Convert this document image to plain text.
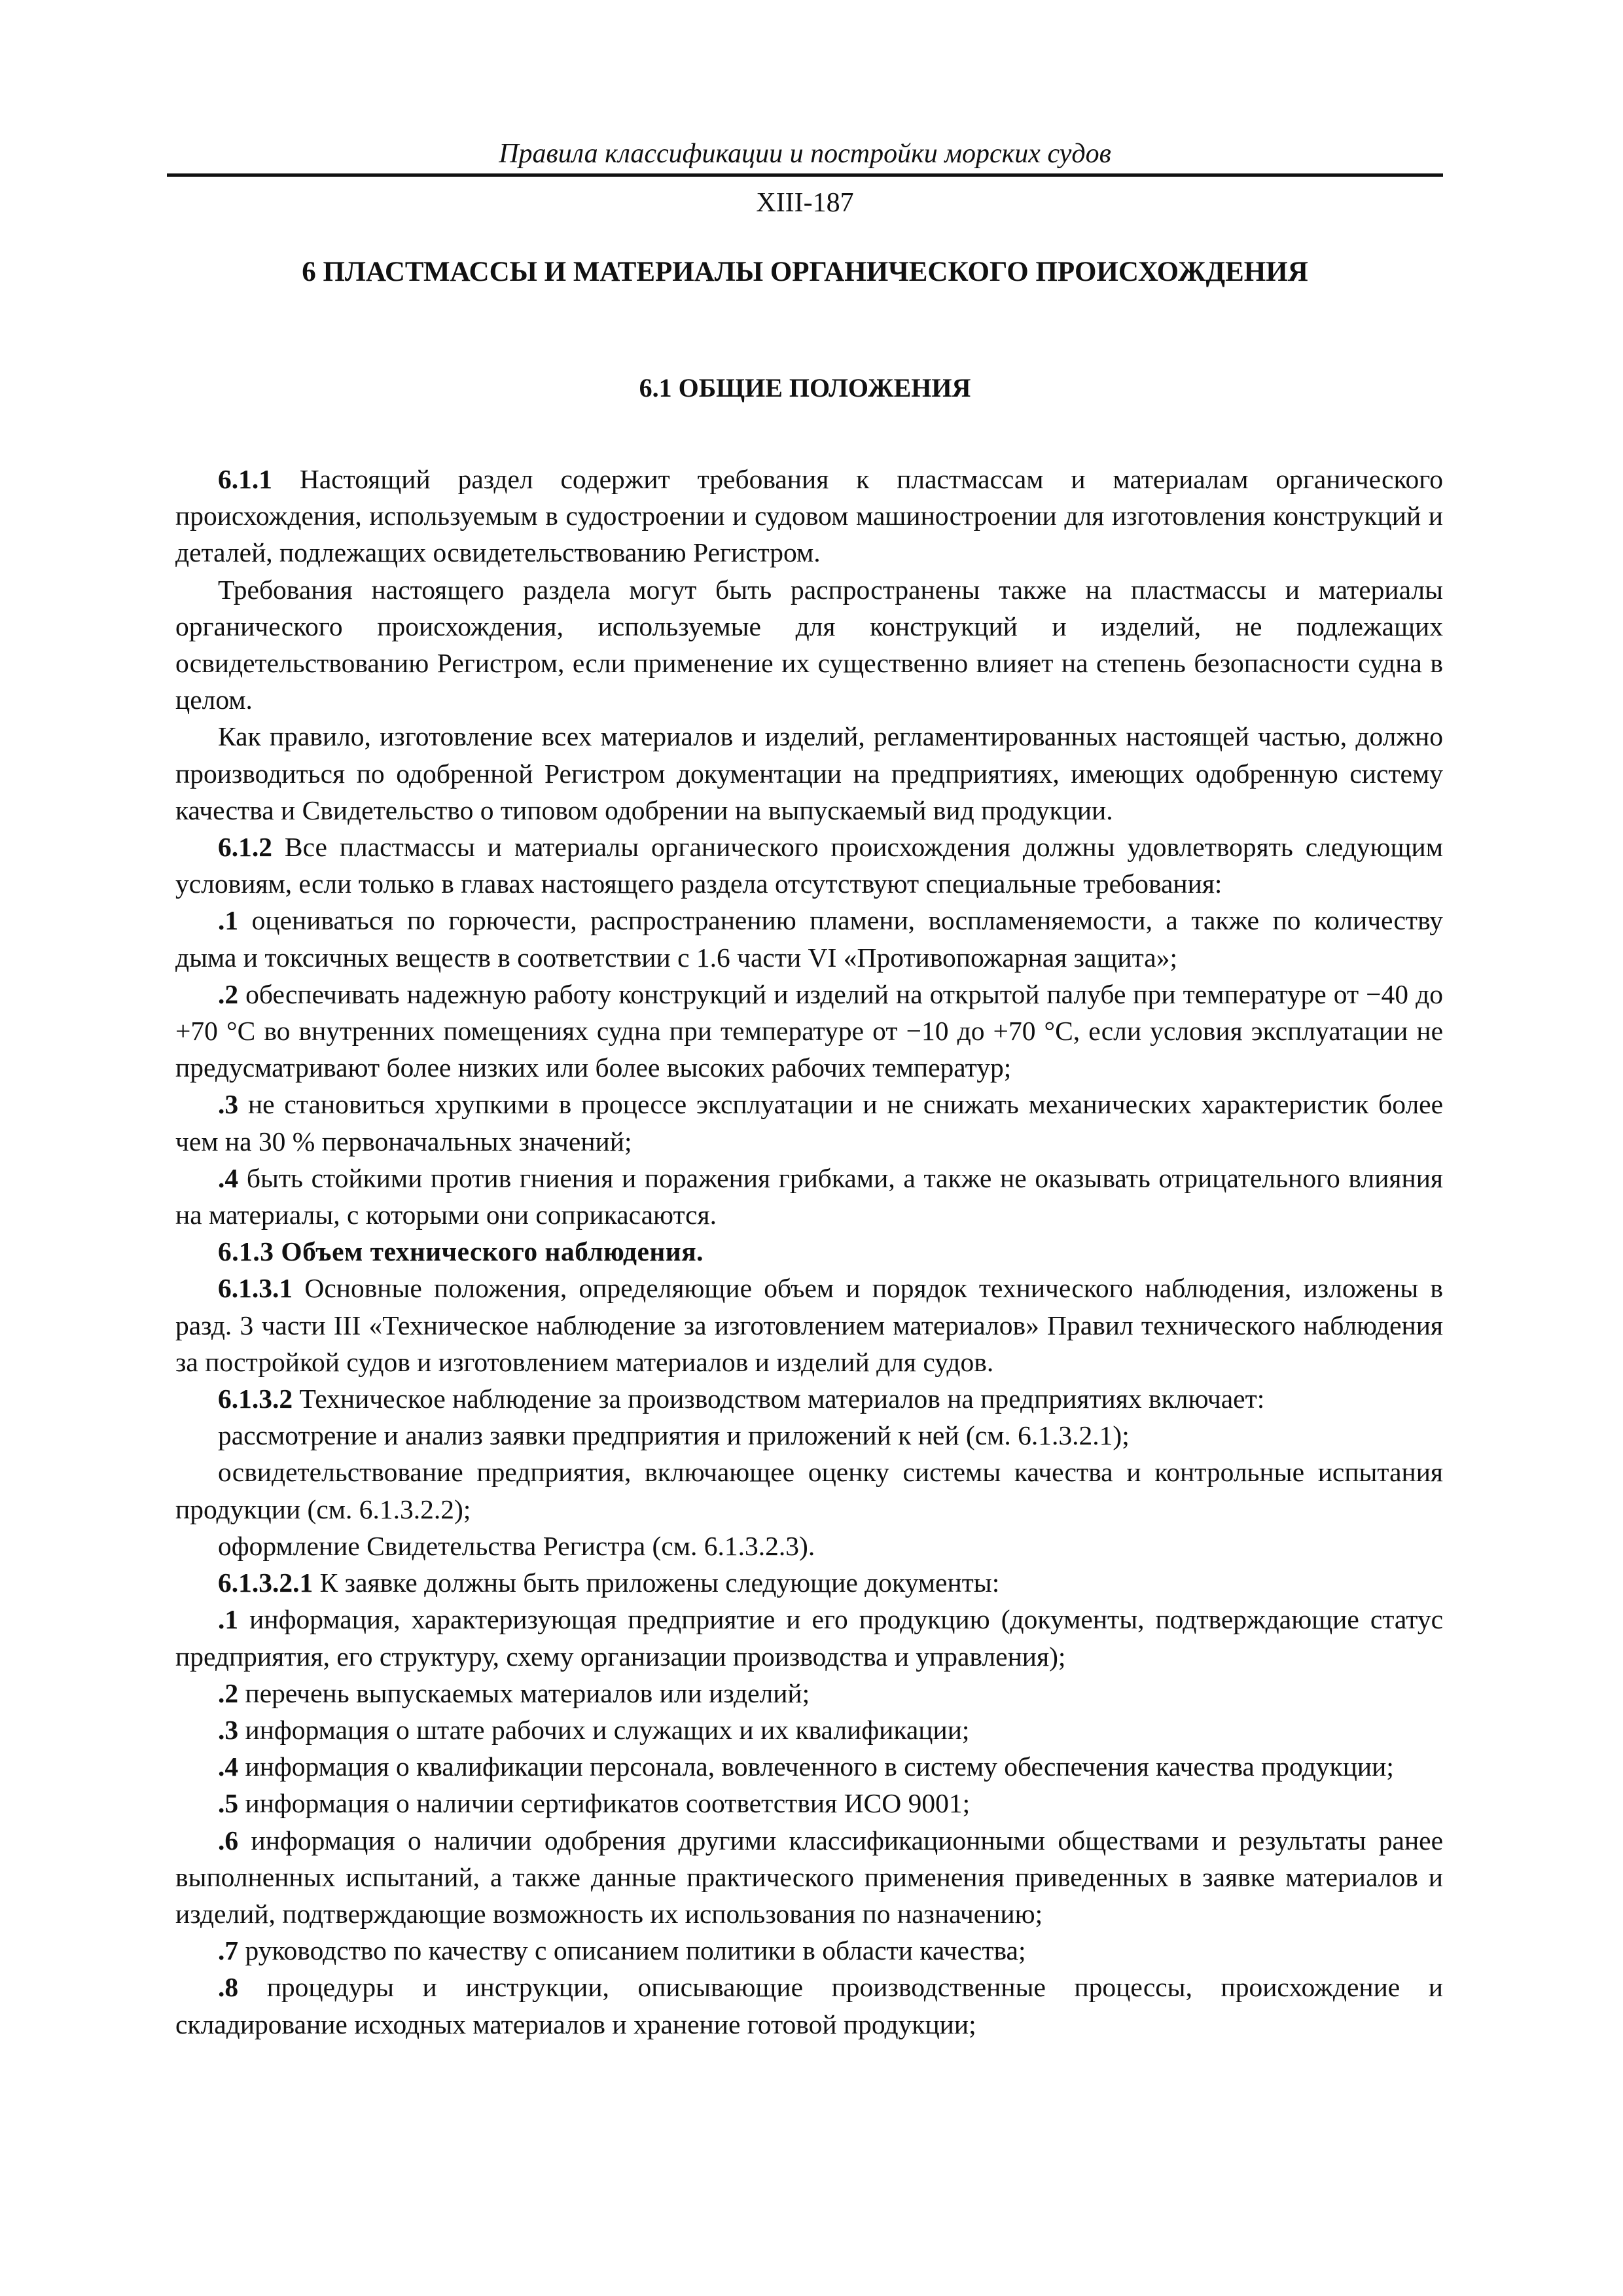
Правила классификации и постройки морских судов
XIII-187
6 ПЛАСТМАССЫ И МАТЕРИАЛЫ ОРГАНИЧЕСКОГО ПРОИСХОЖДЕНИЯ
6.1 ОБЩИЕ ПОЛОЖЕНИЯ

6.1.1 Настоящий раздел содержит требования к пластмассам и материалам органического происхождения, используемым в судостроении и судовом машиностроении для изготовления конструкций и деталей, подлежащих освидетельствованию Регистром.

Требования настоящего раздела могут быть распространены также на пластмассы и материалы органического происхождения, используемые для конструкций и изделий, не подлежащих освидетельствованию Регистром, если применение их существенно влияет на степень безопасности судна в целом.

Как правило, изготовление всех материалов и изделий, регламентированных настоящей частью, должно производиться по одобренной Регистром документации на предприятиях, имеющих одобренную систему качества и Свидетельство о типовом одобрении на выпускаемый вид продукции.

6.1.2 Все пластмассы и материалы органического происхождения должны удовлетворять следующим условиям, если только в главах настоящего раздела отсутствуют специальные требования:

.1 оцениваться по горючести, распространению пламени, воспламеняемости, а также по количеству дыма и токсичных веществ в соответствии с 1.6 части VI «Противопожарная защита»;

.2 обеспечивать надежную работу конструкций и изделий на открытой палубе при температуре от −40 до +70 °С во внутренних помещениях судна при температуре от −10 до +70 °С, если условия эксплуатации не предусматривают более низких или более высоких рабочих температур;

.3 не становиться хрупкими в процессе эксплуатации и не снижать механических характеристик более чем на 30 % первоначальных значений;

.4 быть стойкими против гниения и поражения грибками, а также не оказывать отрицательного влияния на материалы, с которыми они соприкасаются.

6.1.3 Объем технического наблюдения.

6.1.3.1 Основные положения, определяющие объем и порядок технического наблюдения, изложены в разд. 3 части III «Техническое наблюдение за изготовлением материалов» Правил технического наблюдения за постройкой судов и изготовлением материалов и изделий для судов.

6.1.3.2 Техническое наблюдение за производством материалов на предприятиях включает:

рассмотрение и анализ заявки предприятия и приложений к ней (см. 6.1.3.2.1);

освидетельствование предприятия, включающее оценку системы качества и контрольные испытания продукции (см. 6.1.3.2.2);

оформление Свидетельства Регистра (см. 6.1.3.2.3).

6.1.3.2.1 К заявке должны быть приложены следующие документы:

.1 информация, характеризующая предприятие и его продукцию (документы, подтверждающие статус предприятия, его структуру, схему организации производства и управления);

.2 перечень выпускаемых материалов или изделий;

.3 информация о штате рабочих и служащих и их квалификации;

.4 информация о квалификации персонала, вовлеченного в систему обеспечения качества продукции;

.5 информация о наличии сертификатов соответствия ИСО 9001;

.6 информация о наличии одобрения другими классификационными обществами и результаты ранее выполненных испытаний, а также данные практического применения приведенных в заявке материалов и изделий, подтверждающие возможность их использования по назначению;

.7 руководство по качеству с описанием политики в области качества;

.8 процедуры и инструкции, описывающие производственные процессы, происхождение и складирование исходных материалов и хранение готовой продукции;
